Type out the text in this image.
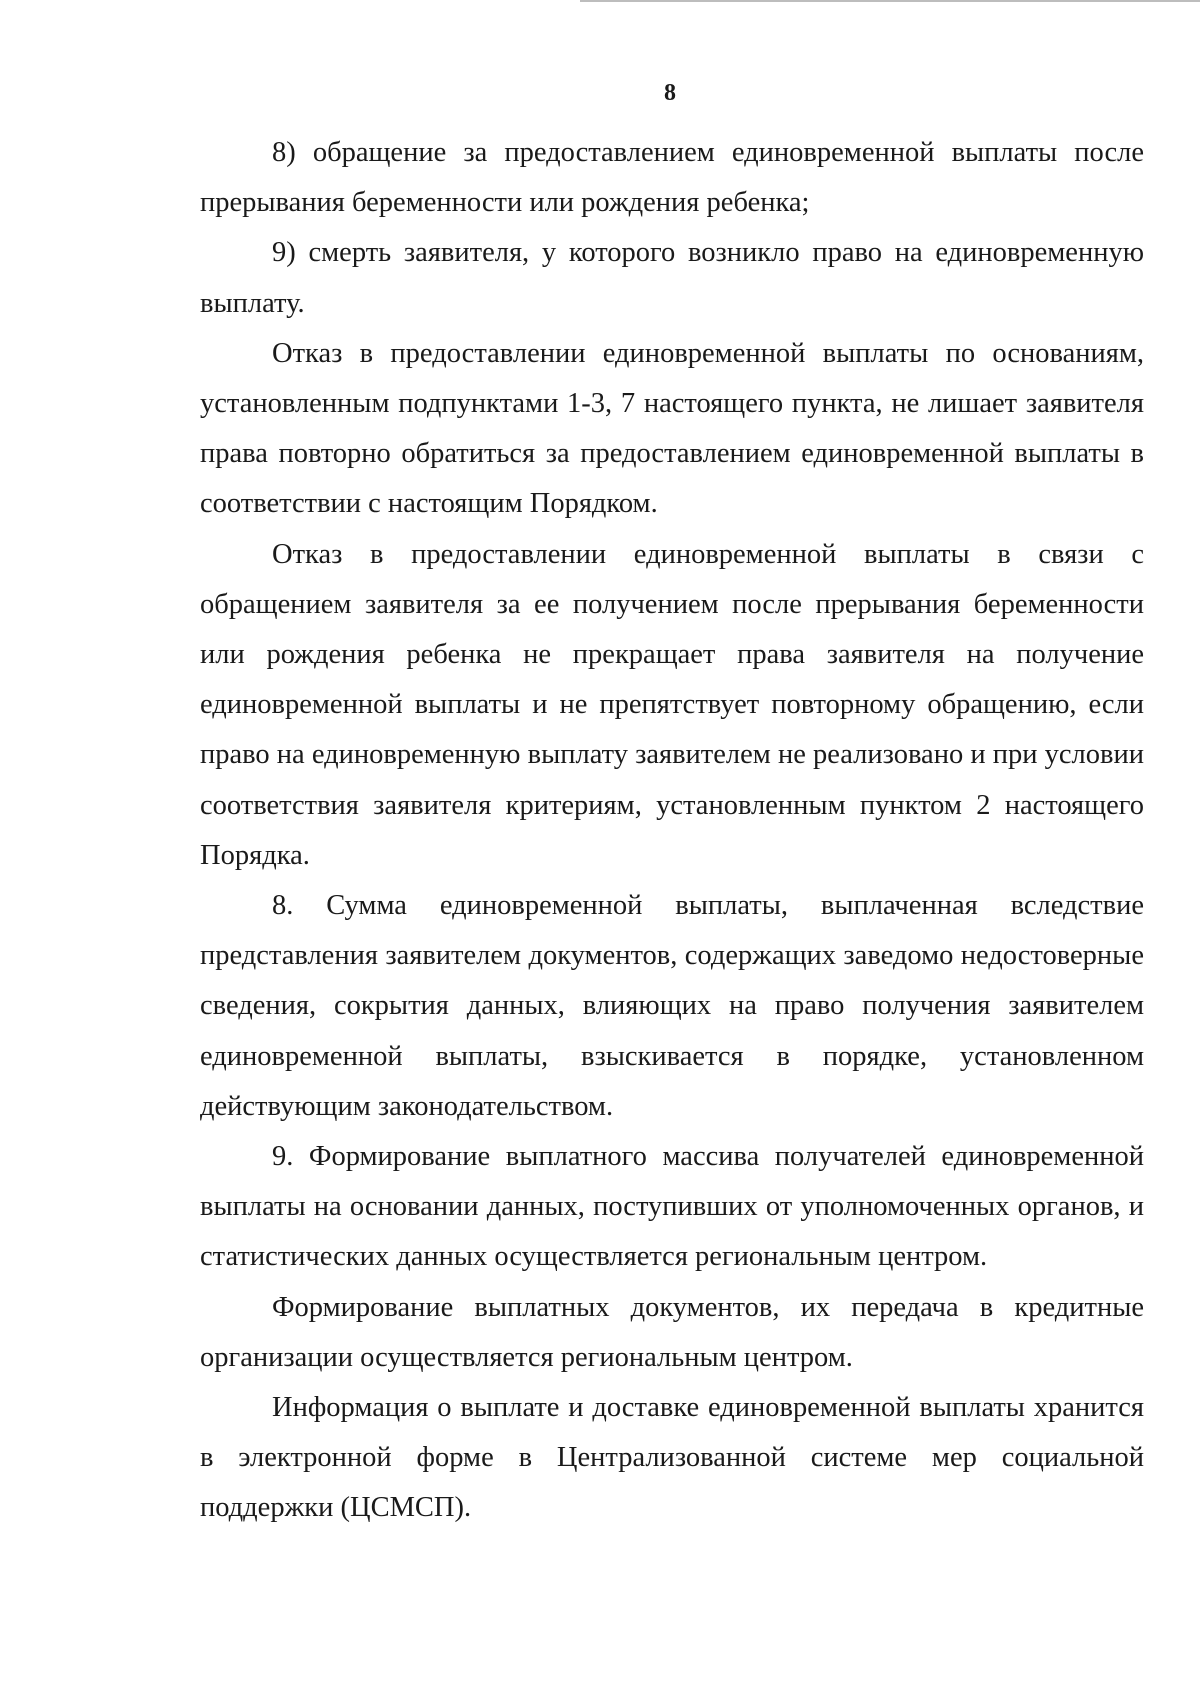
8

8) обращение за предоставлением единовременной выплаты после прерывания беременности или рождения ребенка;

9) смерть заявителя, у которого возникло право на единовременную выплату.

Отказ в предоставлении единовременной выплаты по основаниям, установленным подпунктами 1-3, 7 настоящего пункта, не лишает заявителя права повторно обратиться за предоставлением единовременной выплаты в соответствии с настоящим Порядком.

Отказ в предоставлении единовременной выплаты в связи с обращением заявителя за ее получением после прерывания беременности или рождения ребенка не прекращает права заявителя на получение единовременной выплаты и не препятствует повторному обращению, если право на единовременную выплату заявителем не реализовано и при условии соответствия заявителя критериям, установленным пунктом 2 настоящего Порядка.

8. Сумма единовременной выплаты, выплаченная вследствие представления заявителем документов, содержащих заведомо недостоверные сведения, сокрытия данных, влияющих на право получения заявителем единовременной выплаты, взыскивается в порядке, установленном действующим законодательством.

9. Формирование выплатного массива получателей единовременной выплаты на основании данных, поступивших от уполномоченных органов, и статистических данных осуществляется региональным центром.

Формирование выплатных документов, их передача в кредитные организации осуществляется региональным центром.

Информация о выплате и доставке единовременной выплаты хранится в электронной форме в Централизованной системе мер социальной поддержки (ЦСМСП).
